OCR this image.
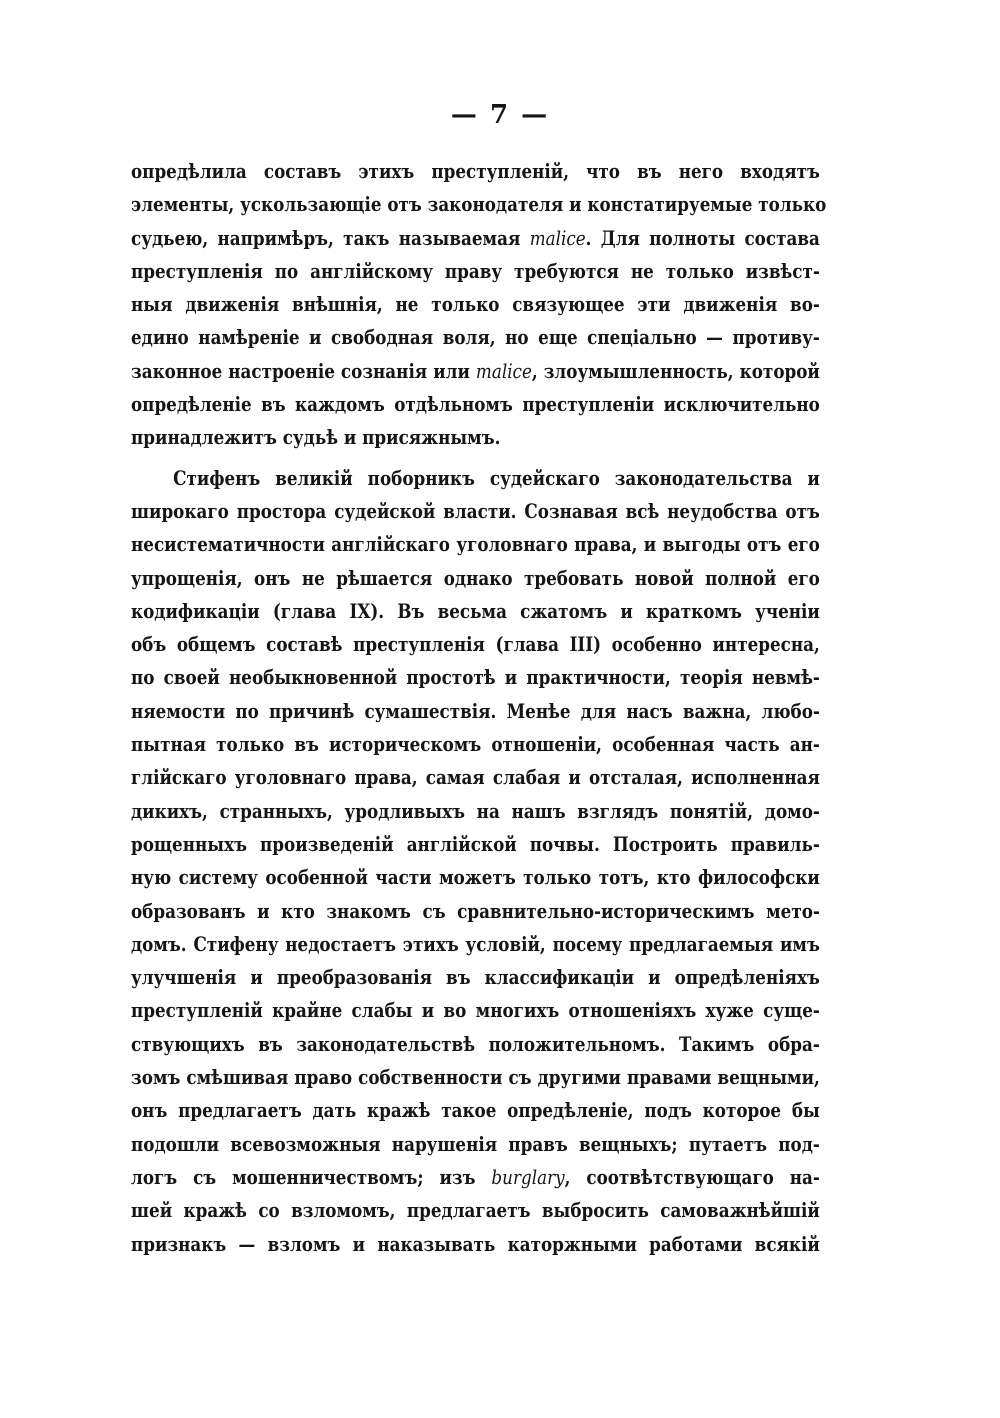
— 7 —
опредѣлила составъ этихъ преступленій, что въ него входятъ
элементы, ускользающіе отъ законодателя и констатируемые только
судьею, напримѣръ, такъ называемая malice. Для полноты состава
преступленія по англійскому праву требуются не только извѣст-
ныя движенія внѣшнія, не только связующее эти движенія во-
едино намѣреніе и свободная воля, но еще спеціально — противу-
законное настроеніе сознанія или malice, злоумышленность, которой
опредѣленіе въ каждомъ отдѣльномъ преступленіи исключительно
принадлежитъ судьѣ и присяжнымъ.
Стифенъ великій поборникъ судейскаго законодательства и
широкаго простора судейской власти. Сознавая всѣ неудобства отъ
несистематичности англійскаго уголовнаго права, и выгоды отъ его
упрощенія, онъ не рѣшается однако требовать новой полной его
кодификаціи (глава IX). Въ весьма сжатомъ и краткомъ ученіи
объ общемъ составѣ преступленія (глава III) особенно интересна,
по своей необыкновенной простотѣ и практичности, теорія невмѣ-
няемости по причинѣ сумашествія. Менѣе для насъ важна, любо-
пытная только въ историческомъ отношеніи, особенная часть ан-
глійскаго уголовнаго права, самая слабая и отсталая, исполненная
дикихъ, странныхъ, уродливыхъ на нашъ взглядъ понятій, домо-
рощенныхъ произведеній англійской почвы. Построить правиль-
ную систему особенной части можетъ только тотъ, кто философски
образованъ и кто знакомъ съ сравнительно-историческимъ мето-
домъ. Стифену недостаетъ этихъ условій, посему предлагаемыя имъ
улучшенія и преобразованія въ классификаціи и опредѣленіяхъ
преступленій крайне слабы и во многихъ отношеніяхъ хуже суще-
ствующихъ въ законодательствѣ положительномъ. Такимъ обра-
зомъ смѣшивая право собственности съ другими правами вещными,
онъ предлагаетъ дать кражѣ такое опредѣленіе, подъ которое бы
подошли всевозможныя нарушенія правъ вещныхъ; путаетъ под-
логъ съ мошенничествомъ; изъ burglary, соотвѣтствующаго на-
шей кражѣ со взломомъ, предлагаетъ выбросить самоважнѣйшій
признакъ — взломъ и наказывать каторжными работами всякій
